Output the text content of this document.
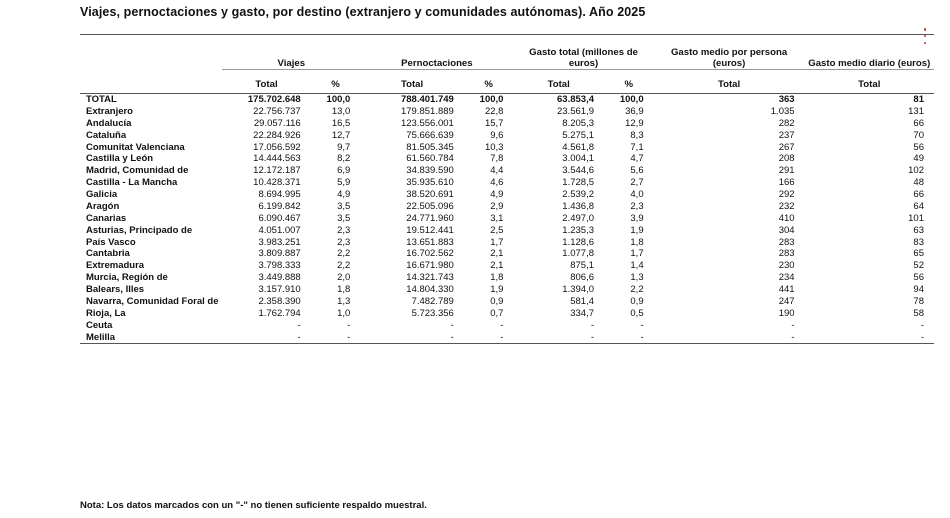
Viajes, pernoctaciones y gasto, por destino (extranjero y comunidades autónomas). Año 2025
	Viajes		Pernoctaciones		Gasto total (millones de euros)		Gasto medio por persona (euros)	Gasto medio diario (euros)
	Total	%	Total	%	Total	%	Total	Total
TOTAL	175.702.648	100,0	788.401.749	100,0	63.853,4	100,0	363	81
Extranjero	22.756.737	13,0	179.851.889	22,8	23.561,9	36,9	1.035	131
Andalucía	29.057.116	16,5	123.556.001	15,7	8.205,3	12,9	282	66
Cataluña	22.284.926	12,7	75.666.639	9,6	5.275,1	8,3	237	70
Comunitat Valenciana	17.056.592	9,7	81.505.345	10,3	4.561,8	7,1	267	56
Castilla y León	14.444.563	8,2	61.560.784	7,8	3.004,1	4,7	208	49
Madrid, Comunidad de	12.172.187	6,9	34.839.590	4,4	3.544,6	5,6	291	102
Castilla - La Mancha	10.428.371	5,9	35.935.610	4,6	1.728,5	2,7	166	48
Galicia	8.694.995	4,9	38.520.691	4,9	2.539,2	4,0	292	66
Aragón	6.199.842	3,5	22.505.096	2,9	1.436,8	2,3	232	64
Canarias	6.090.467	3,5	24.771.960	3,1	2.497,0	3,9	410	101
Asturias, Principado de	4.051.007	2,3	19.512.441	2,5	1.235,3	1,9	304	63
País Vasco	3.983.251	2,3	13.651.883	1,7	1.128,6	1,8	283	83
Cantabria	3.809.887	2,2	16.702.562	2,1	1.077,8	1,7	283	65
Extremadura	3.798.333	2,2	16.671.980	2,1	875,1	1,4	230	52
Murcia, Región de	3.449.888	2,0	14.321.743	1,8	806,6	1,3	234	56
Balears, Illes	3.157.910	1,8	14.804.330	1,9	1.394,0	2,2	441	94
Navarra, Comunidad Foral de	2.358.390	1,3	7.482.789	0,9	581,4	0,9	247	78
Rioja, La	1.762.794	1,0	5.723.356	0,7	334,7	0,5	190	58
Ceuta	-	-	-	-	-	-	-	-
Melilla	-	-	-	-	-	-	-	-
Nota: Los datos marcados con un "-" no tienen suficiente respaldo muestral.
